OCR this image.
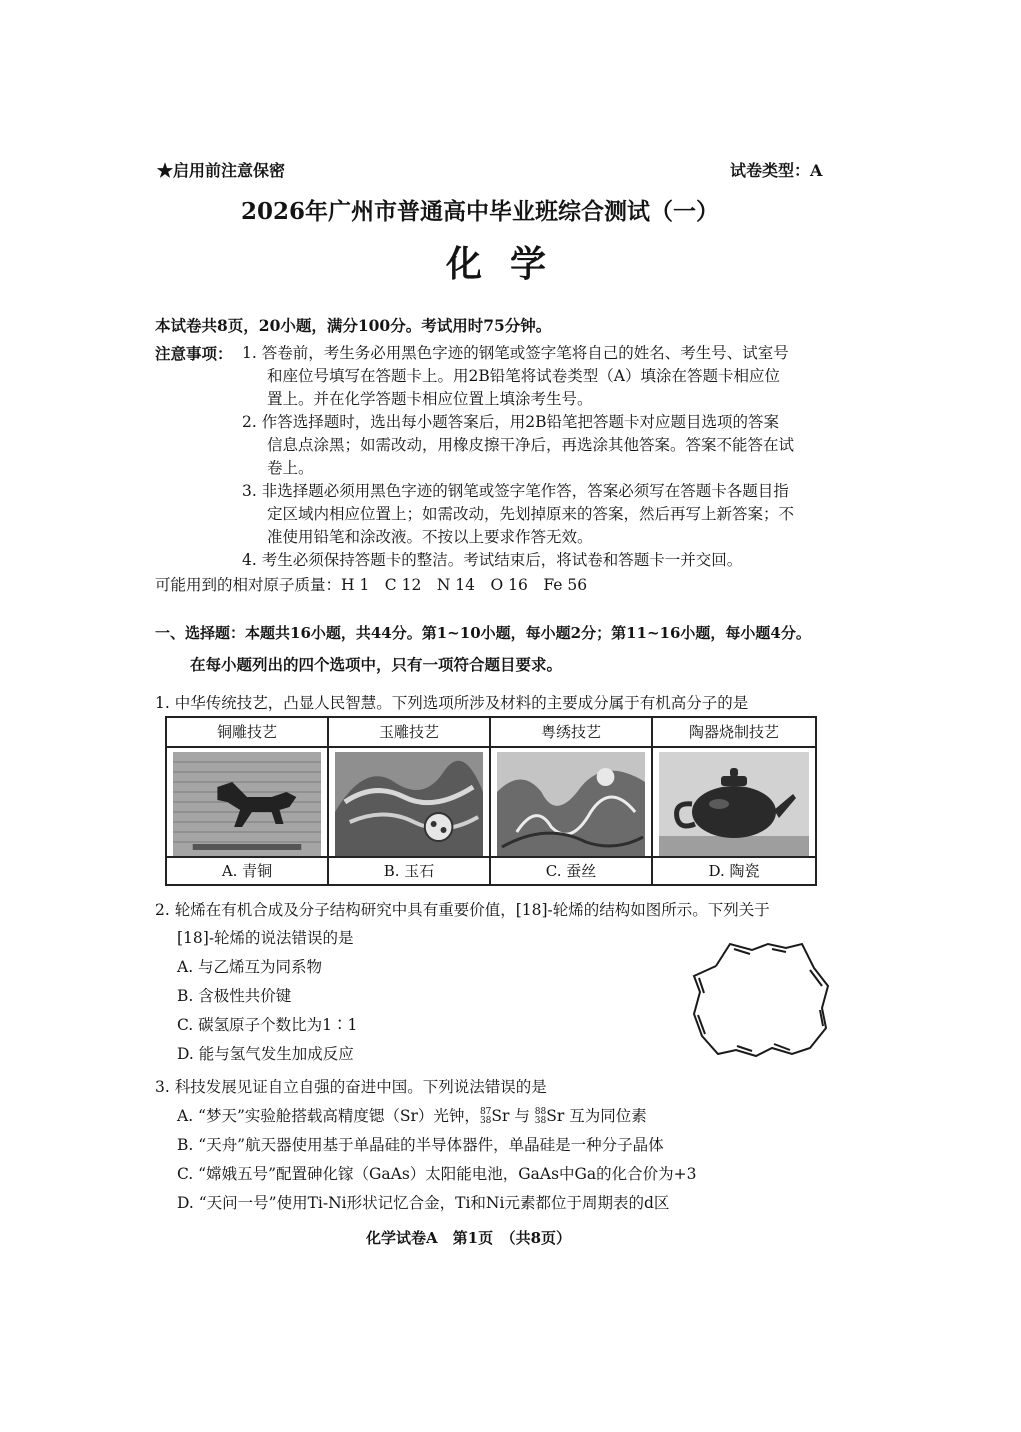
★启用前注意保密	试卷类型：A
2026年广州市普通高中毕业班综合测试（一）
化学
本试卷共8页，20小题，满分100分。考试用时75分钟。
注意事项： 1. 答卷前，考生务必用黑色字迹的钢笔或签字笔将自己的姓名、考生号、试室号
和座位号填写在答题卡上。用2B铅笔将试卷类型（A）填涂在答题卡相应位
置上。并在化学答题卡相应位置上填涂考生号。
2. 作答选择题时，选出每小题答案后，用2B铅笔把答题卡对应题目选项的答案
信息点涂黑；如需改动，用橡皮擦干净后，再选涂其他答案。答案不能答在试
卷上。
3. 非选择题必须用黑色字迹的钢笔或签字笔作答，答案必须写在答题卡各题目指
定区域内相应位置上；如需改动，先划掉原来的答案，然后再写上新答案；不
准使用铅笔和涂改液。不按以上要求作答无效。
4. 考生必须保持答题卡的整洁。考试结束后，将试卷和答题卡一并交回。
可能用到的相对原子质量：H 1　C 12　N 14　O 16　Fe 56
一、选择题：本题共16小题，共44分。第1~10小题，每小题2分；第11~16小题，每小题4分。
在每小题列出的四个选项中，只有一项符合题目要求。
1. 中华传统技艺，凸显人民智慧。下列选项所涉及材料的主要成分属于有机高分子的是
铜雕技艺
A. 青铜
玉雕技艺
B. 玉石
粤绣技艺
C. 蚕丝
陶器烧制技艺
D. 陶瓷
2. 轮烯在有机合成及分子结构研究中具有重要价值，[18]-轮烯的结构如图所示。下列关于
[18]-轮烯的说法错误的是
A. 与乙烯互为同系物
B. 含极性共价键
C. 碳氢原子个数比为1∶1
D. 能与氢气发生加成反应
3. 科技发展见证自立自强的奋进中国。下列说法错误的是
A. “梦天”实验舱搭载高精度锶（Sr）光钟， 87
38 Sr 与 88
38 Sr 互为同位素
B. “天舟”航天器使用基于单晶硅的半导体器件，单晶硅是一种分子晶体
C. “嫦娥五号”配置砷化镓（GaAs）太阳能电池，GaAs中Ga的化合价为+3
D. “天问一号”使用Ti-Ni形状记忆合金，Ti和Ni元素都位于周期表的d区
化学试卷A　第1页　（共8页）
